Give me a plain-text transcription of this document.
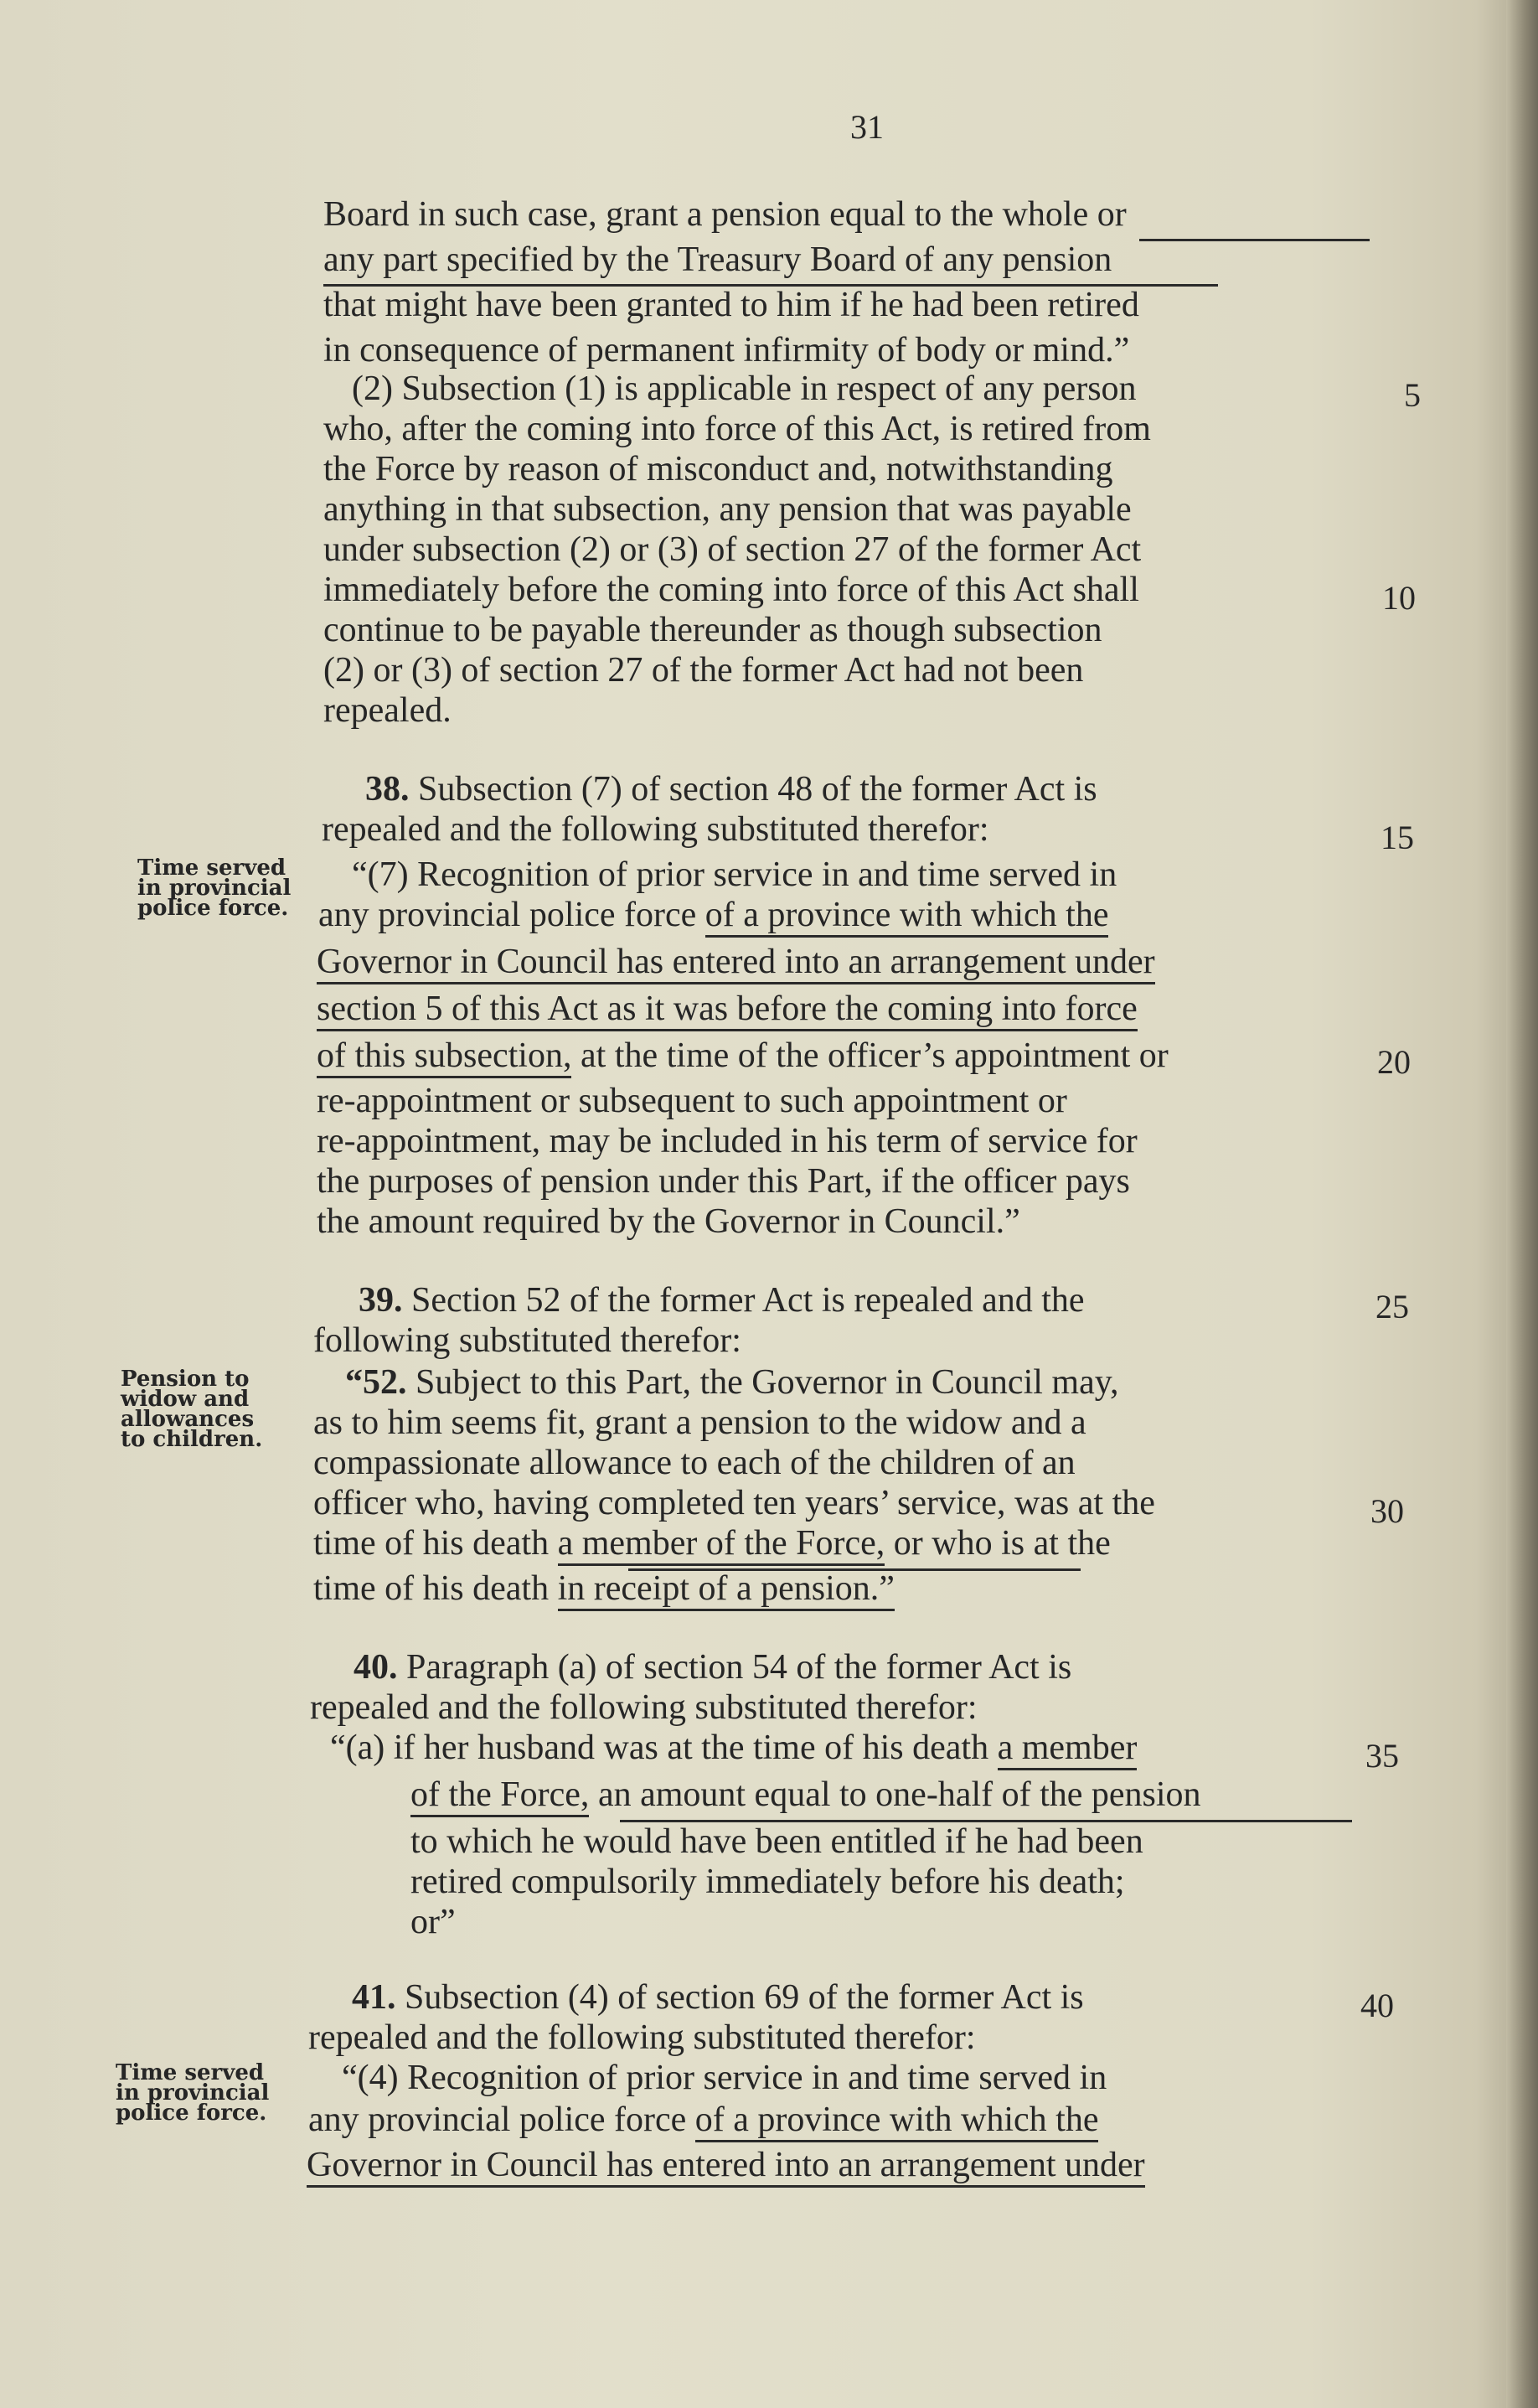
31
Board in such case, grant a pension equal to the whole or
any part specified by the Treasury Board of any pension
that might have been granted to him if he had been retired
in consequence of permanent infirmity of body or mind.”
(2) Subsection (1) is applicable in respect of any person	5
who, after the coming into force of this Act, is retired from
the Force by reason of misconduct and, notwithstanding
anything in that subsection, any pension that was payable
under subsection (2) or (3) of section 27 of the former Act
immediately before the coming into force of this Act shall	10
continue to be payable thereunder as though subsection
(2) or (3) of section 27 of the former Act had not been
repealed.
38. Subsection (7) of section 48 of the former Act is
repealed and the following substituted therefor:	15
Time served
in provincial
police force.
“(7) Recognition of prior service in and time served in
any provincial police force of a province with which the
Governor in Council has entered into an arrangement under
section 5 of this Act as it was before the coming into force
of this subsection, at the time of the officer’s appointment or	20
re-appointment or subsequent to such appointment or
re-appointment, may be included in his term of service for
the purposes of pension under this Part, if the officer pays
the amount required by the Governor in Council.”
39. Section 52 of the former Act is repealed and the	25
following substituted therefor:
Pension to
widow and
allowances
to children.
“52. Subject to this Part, the Governor in Council may,
as to him seems fit, grant a pension to the widow and a
compassionate allowance to each of the children of an
officer who, having completed ten years’ service, was at the	30
time of his death a member of the Force, or who is at the
time of his death in receipt of a pension.”
40. Paragraph (a) of section 54 of the former Act is
repealed and the following substituted therefor:
“(a) if her husband was at the time of his death a member	35
of the Force, an amount equal to one-half of the pension
to which he would have been entitled if he had been
retired compulsorily immediately before his death;
or”
41. Subsection (4) of section 69 of the former Act is	40
repealed and the following substituted therefor:
Time served
in provincial
police force.
“(4) Recognition of prior service in and time served in
any provincial police force of a province with which the
Governor in Council has entered into an arrangement under
